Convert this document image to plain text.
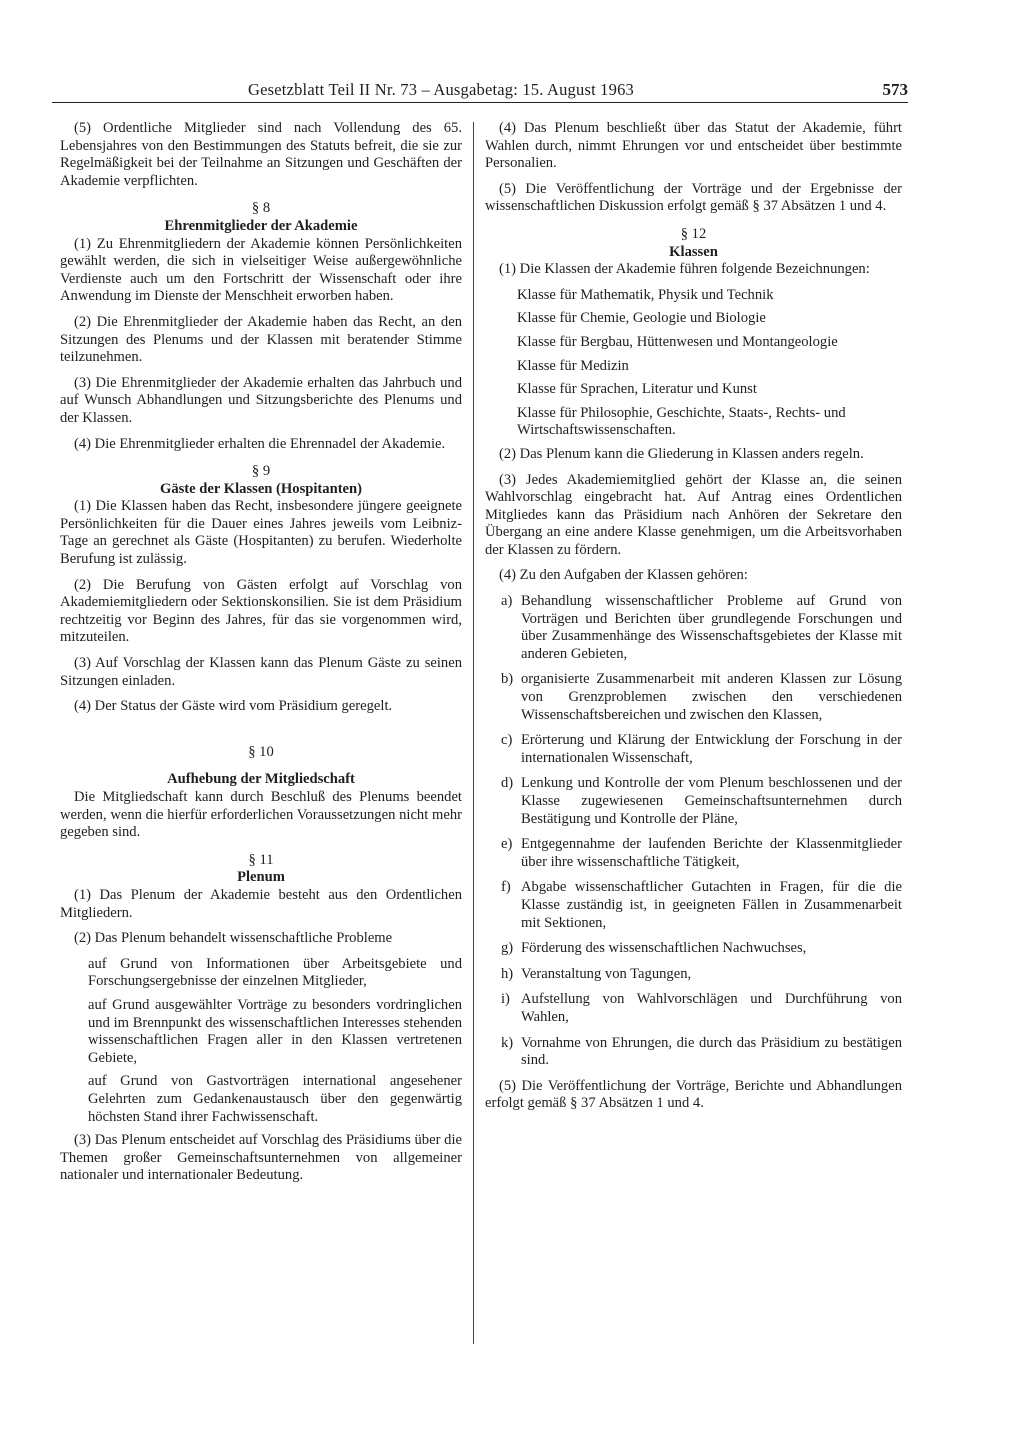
Gesetzblatt Teil II Nr. 73 – Ausgabetag: 15. August 1963	573

(5) Ordentliche Mitglieder sind nach Vollendung des 65. Lebensjahres von den Bestimmungen des Statuts befreit, die sie zur Regelmäßigkeit bei der Teilnahme an Sitzungen und Geschäften der Akademie verpflichten.

§ 8

Ehrenmitglieder der Akademie

(1) Zu Ehrenmitgliedern der Akademie können Persönlichkeiten gewählt werden, die sich in vielseitiger Weise außergewöhnliche Verdienste auch um den Fortschritt der Wissenschaft oder ihre Anwendung im Dienste der Menschheit erworben haben.

(2) Die Ehrenmitglieder der Akademie haben das Recht, an den Sitzungen des Plenums und der Klassen mit beratender Stimme teilzunehmen.

(3) Die Ehrenmitglieder der Akademie erhalten das Jahrbuch und auf Wunsch Abhandlungen und Sitzungsberichte des Plenums und der Klassen.

(4) Die Ehrenmitglieder erhalten die Ehrennadel der Akademie.

§ 9

Gäste der Klassen (Hospitanten)

(1) Die Klassen haben das Recht, insbesondere jüngere geeignete Persönlichkeiten für die Dauer eines Jahres jeweils vom Leibniz-Tage an gerechnet als Gäste (Hospitanten) zu berufen. Wiederholte Berufung ist zulässig.

(2) Die Berufung von Gästen erfolgt auf Vorschlag von Akademiemitgliedern oder Sektionskonsilien. Sie ist dem Präsidium rechtzeitig vor Beginn des Jahres, für das sie vorgenommen wird, mitzuteilen.

(3) Auf Vorschlag der Klassen kann das Plenum Gäste zu seinen Sitzungen einladen.

(4) Der Status der Gäste wird vom Präsidium geregelt.

§ 10

Aufhebung der Mitgliedschaft

Die Mitgliedschaft kann durch Beschluß des Plenums beendet werden, wenn die hierfür erforderlichen Voraussetzungen nicht mehr gegeben sind.

§ 11

Plenum

(1) Das Plenum der Akademie besteht aus den Ordentlichen Mitgliedern.

(2) Das Plenum behandelt wissenschaftliche Probleme

auf Grund von Informationen über Arbeitsgebiete und Forschungsergebnisse der einzelnen Mitglieder,

auf Grund ausgewählter Vorträge zu besonders vordringlichen und im Brennpunkt des wissenschaftlichen Interesses stehenden wissenschaftlichen Fragen aller in den Klassen vertretenen Gebiete,

auf Grund von Gastvorträgen international angesehener Gelehrten zum Gedankenaustausch über den gegenwärtig höchsten Stand ihrer Fachwissenschaft.

(3) Das Plenum entscheidet auf Vorschlag des Präsidiums über die Themen großer Gemeinschaftsunternehmen von allgemeiner nationaler und internationaler Bedeutung.

(4) Das Plenum beschließt über das Statut der Akademie, führt Wahlen durch, nimmt Ehrungen vor und entscheidet über bestimmte Personalien.

(5) Die Veröffentlichung der Vorträge und der Ergebnisse der wissenschaftlichen Diskussion erfolgt gemäß § 37 Absätzen 1 und 4.

§ 12

Klassen

(1) Die Klassen der Akademie führen folgende Bezeichnungen:

Klasse für Mathematik, Physik und Technik

Klasse für Chemie, Geologie und Biologie

Klasse für Bergbau, Hüttenwesen und Montangeologie

Klasse für Medizin

Klasse für Sprachen, Literatur und Kunst

Klasse für Philosophie, Geschichte, Staats-, Rechts- und Wirtschaftswissenschaften.

(2) Das Plenum kann die Gliederung in Klassen anders regeln.

(3) Jedes Akademiemitglied gehört der Klasse an, die seinen Wahlvorschlag eingebracht hat. Auf Antrag eines Ordentlichen Mitgliedes kann das Präsidium nach Anhören der Sekretare den Übergang an eine andere Klasse genehmigen, um die Arbeitsvorhaben der Klassen zu fördern.

(4) Zu den Aufgaben der Klassen gehören:

a) Behandlung wissenschaftlicher Probleme auf Grund von Vorträgen und Berichten über grundlegende Forschungen und über Zusammenhänge des Wissenschaftsgebietes der Klasse mit anderen Gebieten,
b) organisierte Zusammenarbeit mit anderen Klassen zur Lösung von Grenzproblemen zwischen den verschiedenen Wissenschaftsbereichen und zwischen den Klassen,
c) Erörterung und Klärung der Entwicklung der Forschung in der internationalen Wissenschaft,
d) Lenkung und Kontrolle der vom Plenum beschlossenen und der Klasse zugewiesenen Gemeinschaftsunternehmen durch Bestätigung und Kontrolle der Pläne,
e) Entgegennahme der laufenden Berichte der Klassenmitglieder über ihre wissenschaftliche Tätigkeit,
f) Abgabe wissenschaftlicher Gutachten in Fragen, für die die Klasse zuständig ist, in geeigneten Fällen in Zusammenarbeit mit Sektionen,
g) Förderung des wissenschaftlichen Nachwuchses,
h) Veranstaltung von Tagungen,
i) Aufstellung von Wahlvorschlägen und Durchführung von Wahlen,
k) Vornahme von Ehrungen, die durch das Präsidium zu bestätigen sind.

(5) Die Veröffentlichung der Vorträge, Berichte und Abhandlungen erfolgt gemäß § 37 Absätzen 1 und 4.
